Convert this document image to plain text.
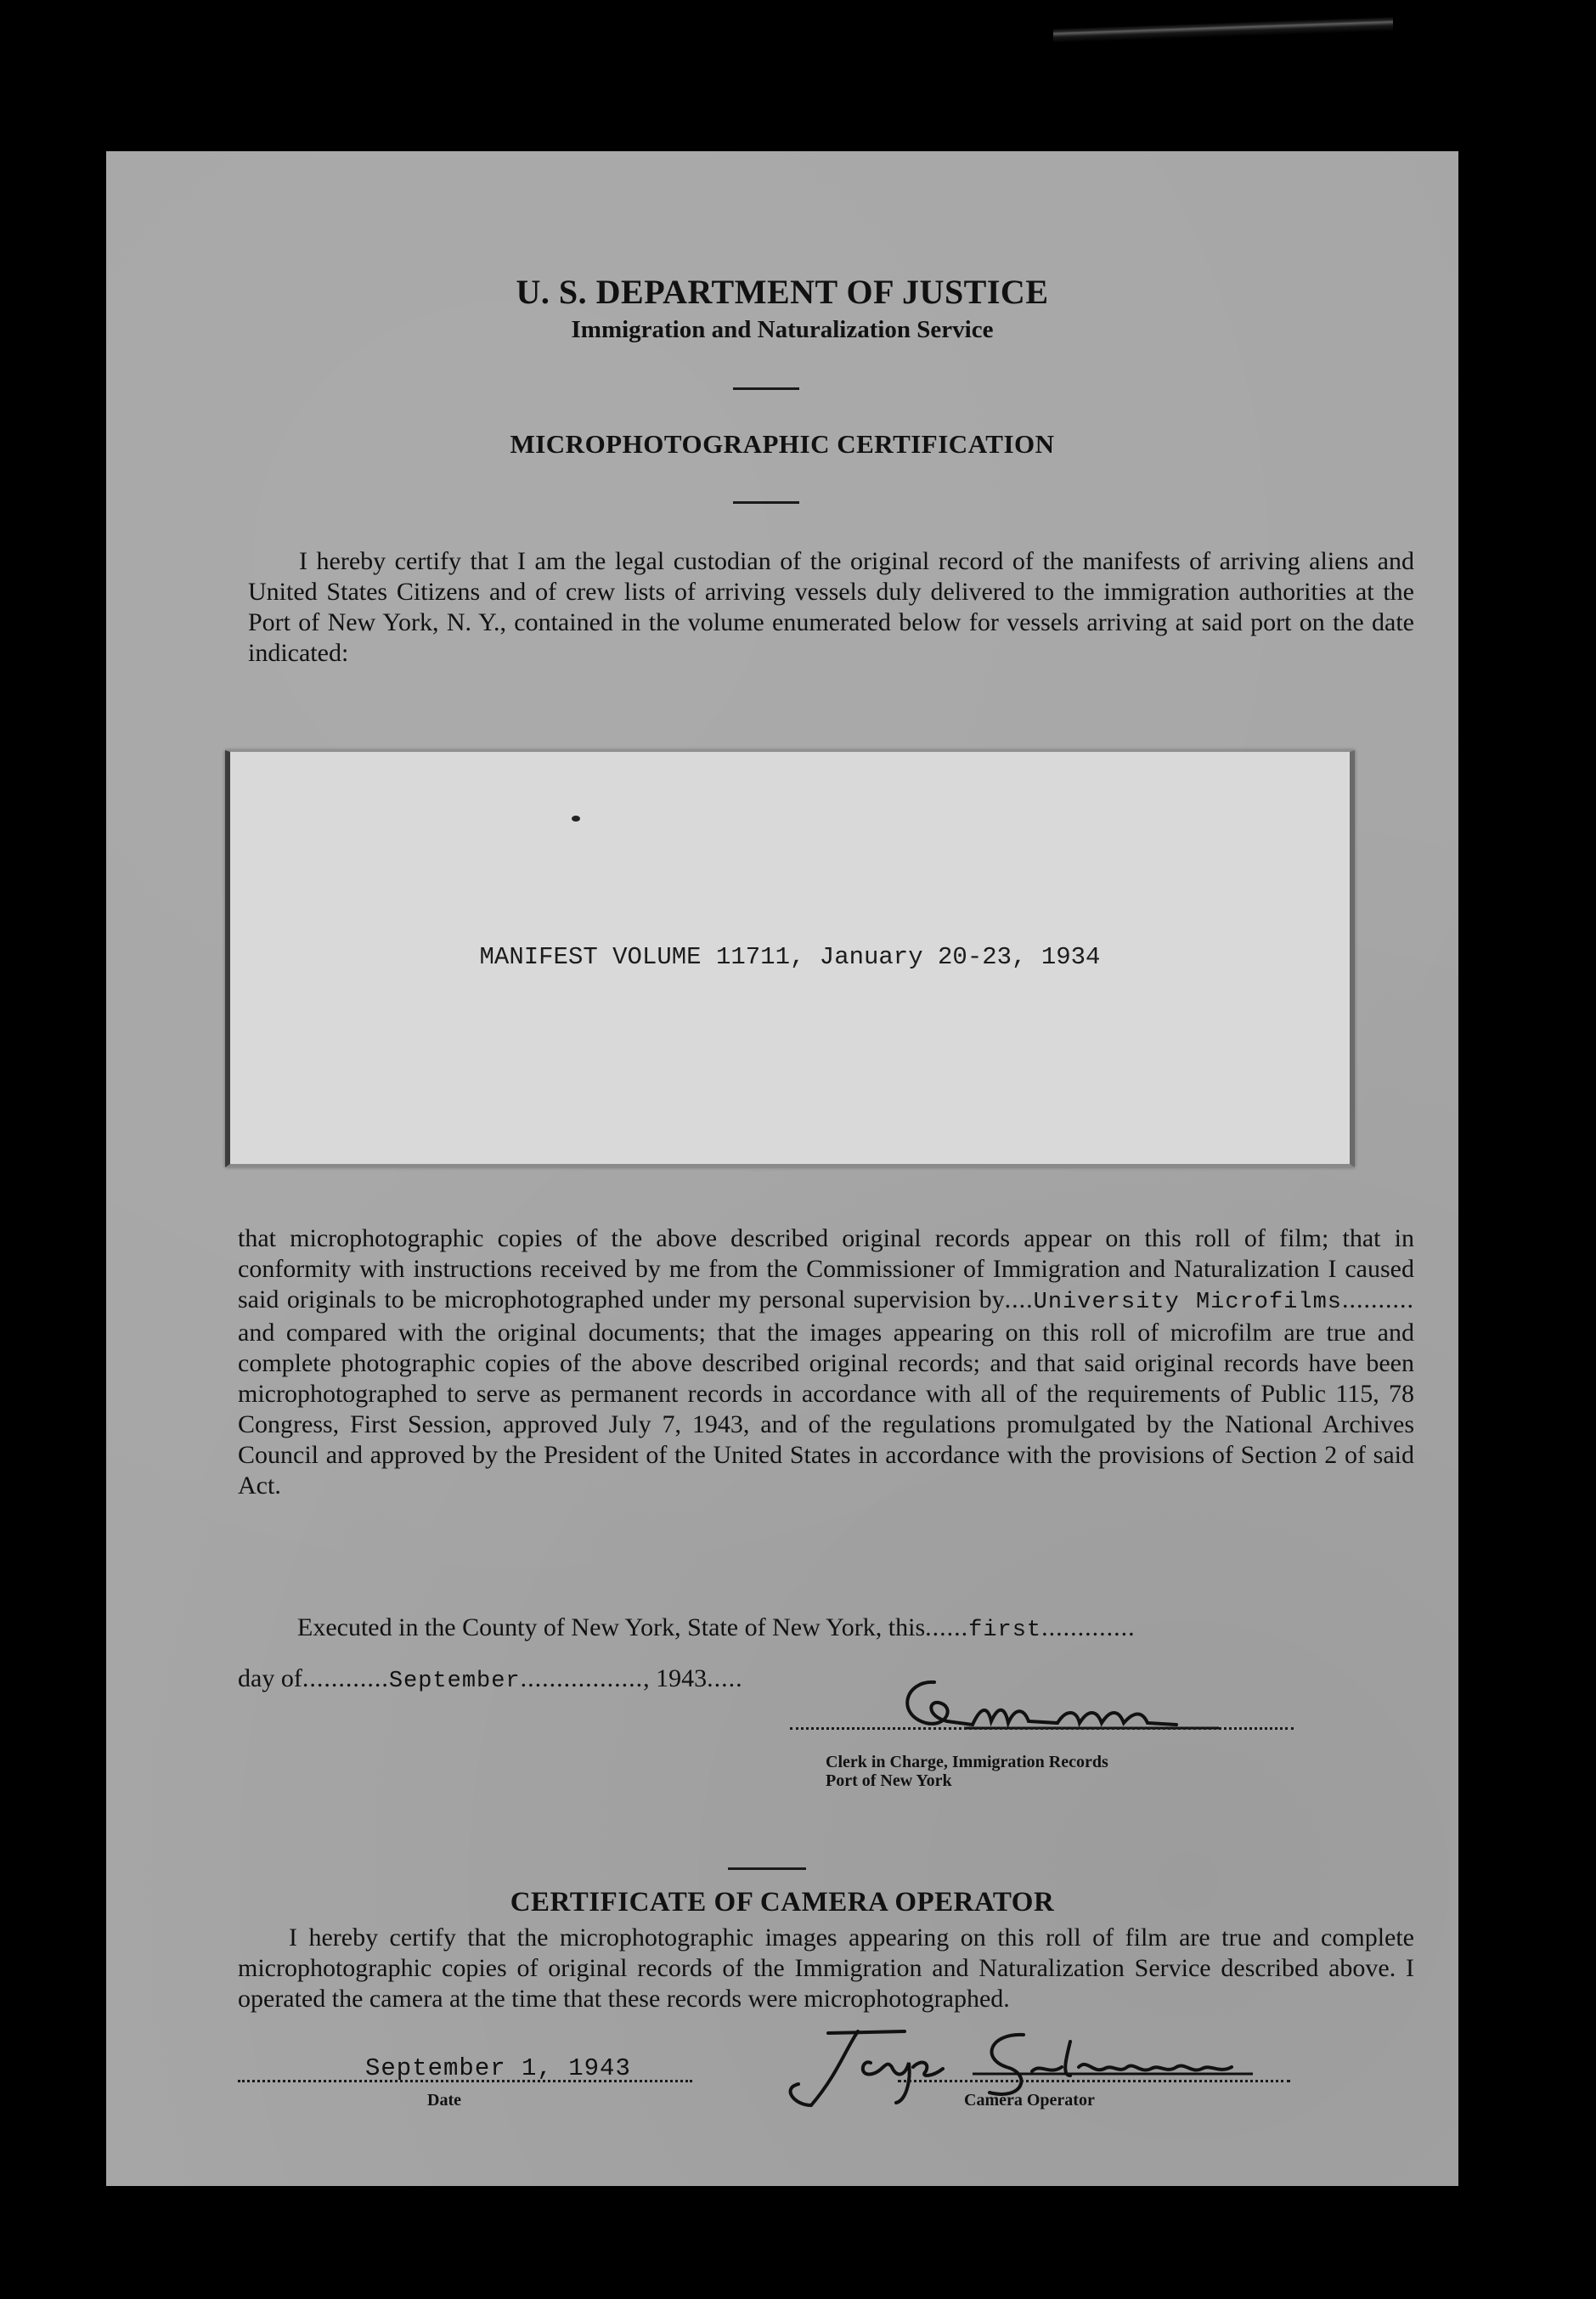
U. S. DEPARTMENT OF JUSTICE
Immigration and Naturalization Service
MICROPHOTOGRAPHIC CERTIFICATION

I hereby certify that I am the legal custodian of the original record of the manifests of arriving aliens and United States Citizens and of crew lists of arriving vessels duly delivered to the immigration authorities at the Port of New York, N. Y., contained in the volume enumerated below for vessels arriving at said port on the date indicated:

MANIFEST VOLUME 11711, January 20-23, 1934

that microphotographic copies of the above described original records appear on this roll of film; that in conformity with instructions received by me from the Commissioner of Immigration and Naturalization I caused said originals to be microphotographed under my personal supervision by....University Microfilms.......... and compared with the original documents; that the images appearing on this roll of microfilm are true and complete photographic copies of the above described original records; and that said original records have been microphotographed to serve as permanent records in accordance with all of the requirements of Public 115, 78 Congress, First Session, approved July 7, 1943, and of the regulations promulgated by the National Archives Council and approved by the President of the United States in accordance with the provisions of Section 2 of said Act.

Executed in the County of New York, State of New York, this......first.............

day of............September................., 1943.....

Clerk in Charge, Immigration Records

Port of New York

CERTIFICATE OF CAMERA OPERATOR

I hereby certify that the microphotographic images appearing on this roll of film are true and complete microphotographic copies of original records of the Immigration and Naturalization Service described above. I operated the camera at the time that these records were microphotographed.

September 1, 1943

Date	Camera Operator
